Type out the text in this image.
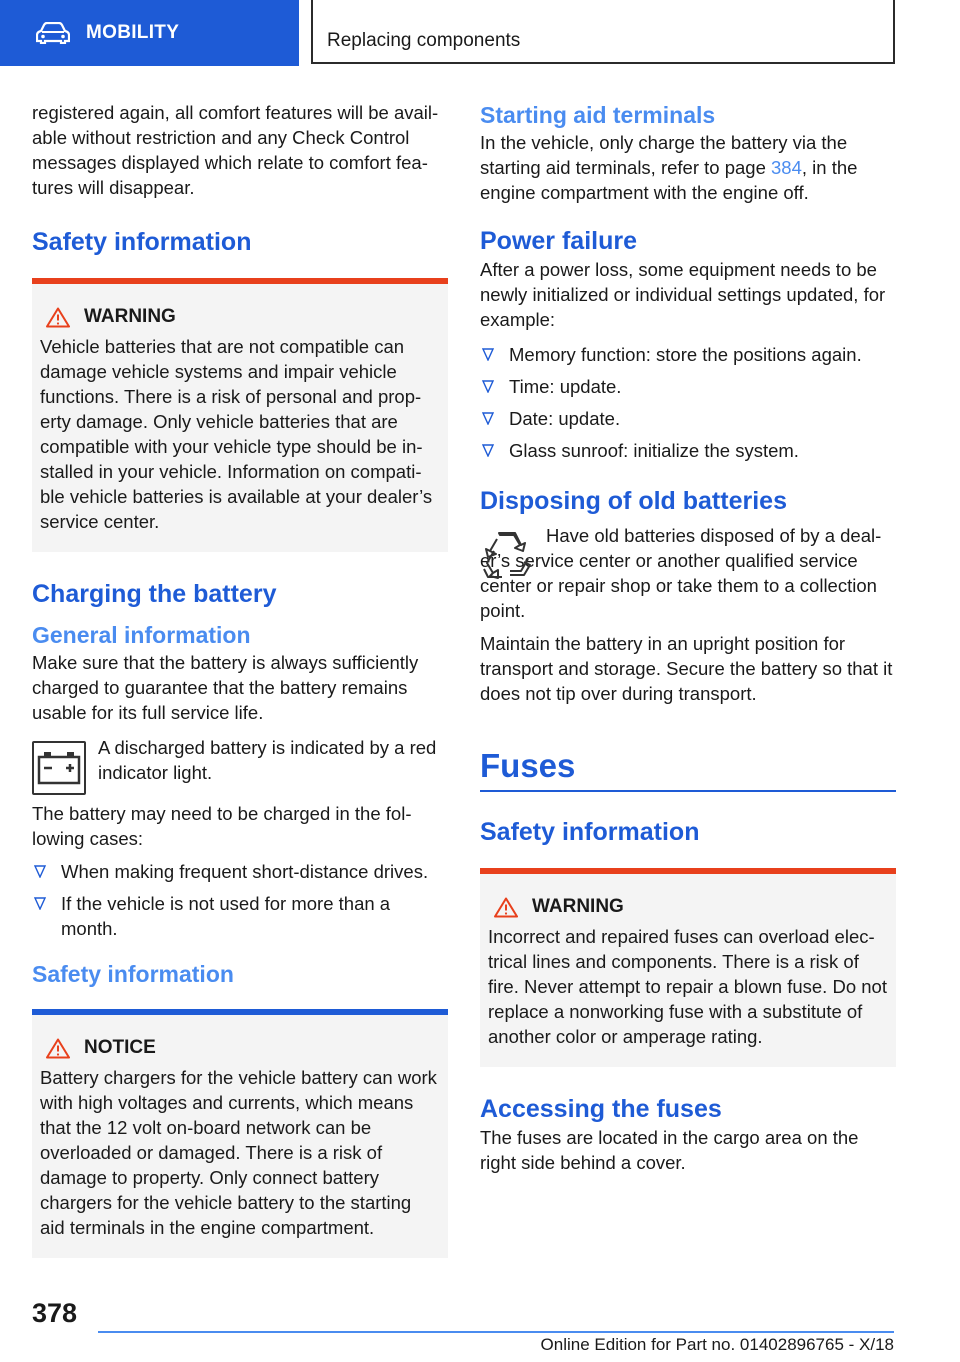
MOBILITY	Replacing components

registered again, all comfort features will be avail-able without restriction and any Check Control messages displayed which relate to comfort fea-tures will disappear.

Safety information
WARNING

Vehicle batteries that are not compatible can damage vehicle systems and impair vehicle functions. There is a risk of personal and prop-erty damage. Only vehicle batteries that are compatible with your vehicle type should be in-stalled in your vehicle. Information on compati-ble vehicle batteries is available at your dealer’s service center.

Charging the battery
General information

Make sure that the battery is always sufficiently charged to guarantee that the battery remains usable for its full service life.

A discharged battery is indicated by a red indicator light.

The battery may need to be charged in the fol-lowing cases:

When making frequent short-distance drives.
If the vehicle is not used for more than a month.
Safety information
NOTICE

Battery chargers for the vehicle battery can work with high voltages and currents, which means that the 12 volt on-board network can be overloaded or damaged. There is a risk of damage to property. Only connect battery chargers for the vehicle battery to the starting aid terminals in the engine compartment.

Starting aid terminals

In the vehicle, only charge the battery via the starting aid terminals, refer to page 384, in the engine compartment with the engine off.

Power failure

After a power loss, some equipment needs to be newly initialized or individual settings updated, for example:

Memory function: store the positions again.
Time: update.
Date: update.
Glass sunroof: initialize the system.
Disposing of old batteries

Have old batteries disposed of by a deal-er’s service center or another qualified service center or repair shop or take them to a collection point.

Maintain the battery in an upright position for transport and storage. Secure the battery so that it does not tip over during transport.

Fuses
Safety information
WARNING

Incorrect and repaired fuses can overload elec-trical lines and components. There is a risk of fire. Never attempt to repair a blown fuse. Do not replace a nonworking fuse with a substitute of another color or amperage rating.

Accessing the fuses

The fuses are located in the cargo area on the right side behind a cover.

378
Online Edition for Part no. 01402896765 - X/18
